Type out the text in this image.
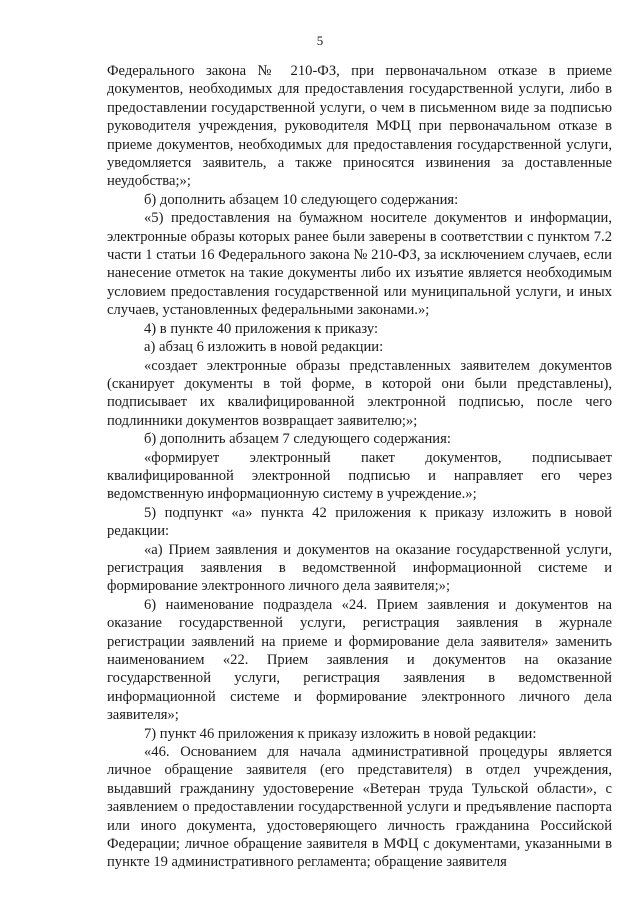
5

Федерального закона № 210-ФЗ, при первоначальном отказе в приеме документов, необходимых для предоставления государственной услуги, либо в предоставлении государственной услуги, о чем в письменном виде за подписью руководителя учреждения, руководителя МФЦ при первоначальном отказе в приеме документов, необходимых для предоставления государственной услуги, уведомляется заявитель, а также приносятся извинения за доставленные неудобства;»;

б) дополнить абзацем 10 следующего содержания:

«5) предоставления на бумажном носителе документов и информации, электронные образы которых ранее были заверены в соответствии с пунктом 7.2 части 1 статьи 16 Федерального закона № 210-ФЗ, за исключением случаев, если нанесение отметок на такие документы либо их изъятие является необходимым условием предоставления государственной или муниципальной услуги, и иных случаев, установленных федеральными законами.»;

4) в пункте 40 приложения к приказу:

а) абзац 6 изложить в новой редакции:

«создает электронные образы представленных заявителем документов (сканирует документы в той форме, в которой они были представлены), подписывает их квалифицированной электронной подписью, после чего подлинники документов возвращает заявителю;»;

б) дополнить абзацем 7 следующего содержания:

«формирует электронный пакет документов, подписывает квалифицированной электронной подписью и направляет его через ведомственную информационную систему в учреждение.»;

5) подпункт «а» пункта 42 приложения к приказу изложить в новой редакции:

«а) Прием заявления и документов на оказание государственной услуги, регистрация заявления в ведомственной информационной системе и формирование электронного личного дела заявителя;»;

6) наименование подраздела «24. Прием заявления и документов на оказание государственной услуги, регистрация заявления в журнале регистрации заявлений на приеме и формирование дела заявителя» заменить наименованием «22. Прием заявления и документов на оказание государственной услуги, регистрация заявления в ведомственной информационной системе и формирование электронного личного дела заявителя»;

7) пункт 46 приложения к приказу изложить в новой редакции:

«46. Основанием для начала административной процедуры является личное обращение заявителя (его представителя) в отдел учреждения, выдавший гражданину удостоверение «Ветеран труда Тульской области», с заявлением о предоставлении государственной услуги и предъявление паспорта или иного документа, удостоверяющего личность гражданина Российской Федерации; личное обращение заявителя в МФЦ с документами, указанными в пункте 19 административного регламента; обращение заявителя
